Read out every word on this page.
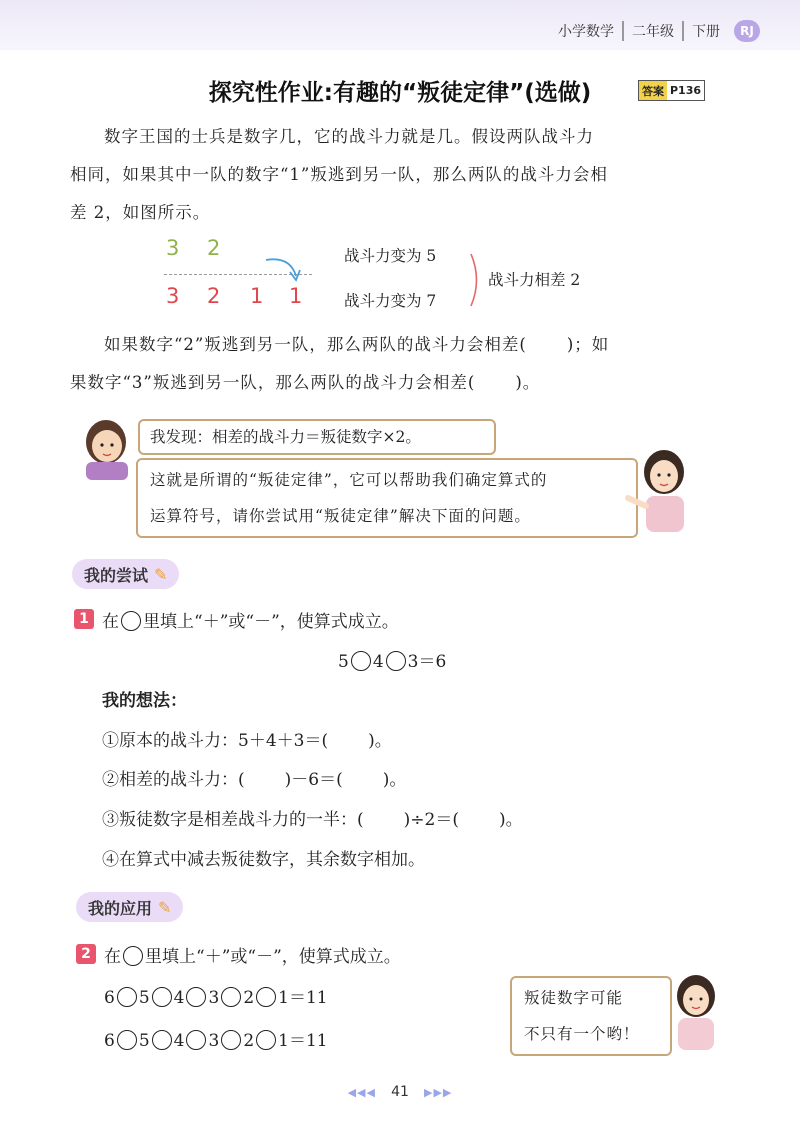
小学数学	二年级	下册	RJ
探究性作业:有趣的“叛徒定律”(选做)	答案 P136
数字王国的士兵是数字几，它的战斗力就是几。假设两队战斗力
相同，如果其中一队的数字“1”叛逃到另一队，那么两队的战斗力会相
差 2，如图所示。
3 2
3 2 1 1
战斗力变为 5
战斗力变为 7
战斗力相差 2
如果数字“2”叛逃到另一队，那么两队的战斗力会相差( )；如
果数字“3”叛逃到另一队，那么两队的战斗力会相差( )。
我发现：相差的战斗力＝叛徒数字×2。
这就是所谓的“叛徒定律”，它可以帮助我们确定算式的
运算符号，请你尝试用“叛徒定律”解决下面的问题。
我的尝试 ✎
1 在 里填上“＋”或“－”，使算式成立。
5 4 3＝6
我的想法：
①原本的战斗力：5＋4＋3＝( )。
②相差的战斗力：( )－6＝( )。
③叛徒数字是相差战斗力的一半：( )÷2＝( )。
④在算式中减去叛徒数字，其余数字相加。
我的应用 ✎
2 在 里填上“＋”或“－”，使算式成立。
6 5 4 3 2 1＝11
6 5 4 3 2 1＝11
叛徒数字可能
不只有一个哟！
◀◀◀ 41 ▶▶▶
